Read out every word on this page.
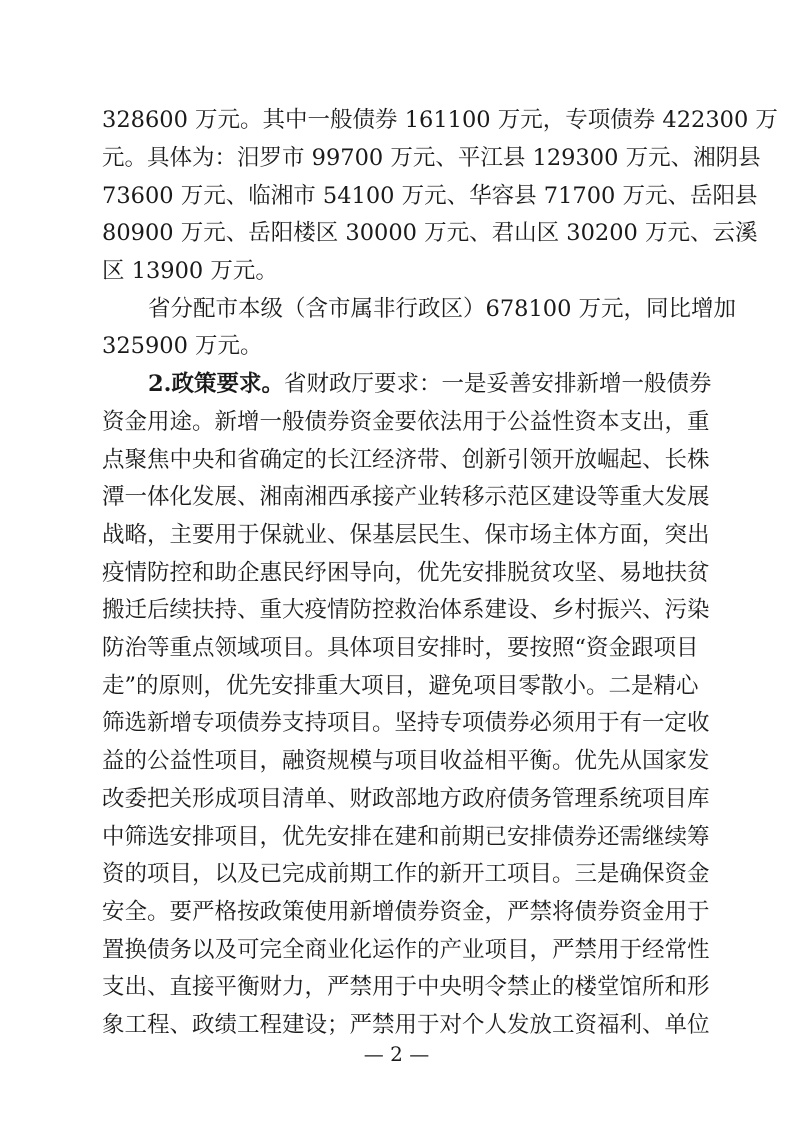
328600 万元。其中一般债券 161100 万元，专项债券 422300 万
元。具体为：汨罗市 99700 万元、平江县 129300 万元、湘阴县
73600 万元、临湘市 54100 万元、华容县 71700 万元、岳阳县
80900 万元、岳阳楼区 30000 万元、君山区 30200 万元、云溪
区 13900 万元。
省分配市本级（含市属非行政区）678100 万元，同比增加
325900 万元。
2.政策要求。省财政厅要求：一是妥善安排新增一般债券
资金用途。新增一般债券资金要依法用于公益性资本支出，重
点聚焦中央和省确定的长江经济带、创新引领开放崛起、长株
潭一体化发展、湘南湘西承接产业转移示范区建设等重大发展
战略，主要用于保就业、保基层民生、保市场主体方面，突出
疫情防控和助企惠民纾困导向，优先安排脱贫攻坚、易地扶贫
搬迁后续扶持、重大疫情防控救治体系建设、乡村振兴、污染
防治等重点领域项目。具体项目安排时，要按照“资金跟项目
走”的原则，优先安排重大项目，避免项目零散小。二是精心
筛选新增专项债券支持项目。坚持专项债券必须用于有一定收
益的公益性项目，融资规模与项目收益相平衡。优先从国家发
改委把关形成项目清单、财政部地方政府债务管理系统项目库
中筛选安排项目，优先安排在建和前期已安排债券还需继续筹
资的项目，以及已完成前期工作的新开工项目。三是确保资金
安全。要严格按政策使用新增债券资金，严禁将债券资金用于
置换债务以及可完全商业化运作的产业项目，严禁用于经常性
支出、直接平衡财力，严禁用于中央明令禁止的楼堂馆所和形
象工程、政绩工程建设；严禁用于对个人发放工资福利、单位
— 2 —
